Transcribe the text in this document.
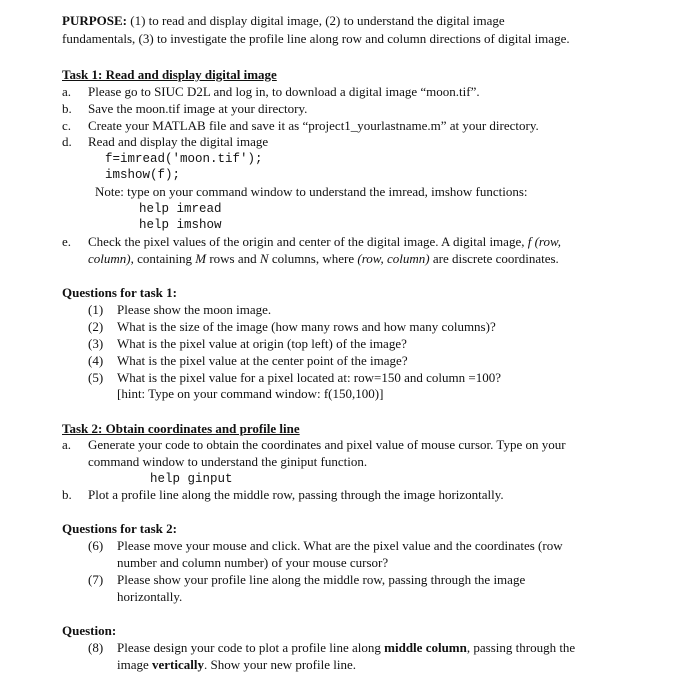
PURPOSE: (1) to read and display digital image, (2) to understand the digital image
fundamentals, (3) to investigate the profile line along row and column directions of digital image.
Task 1: Read and display digital image
a. Please go to SIUC D2L and log in, to download a digital image “moon.tif”.
b. Save the moon.tif image at your directory.
c. Create your MATLAB file and save it as “project1_yourlastname.m” at your directory.
d. Read and display the digital image
f=imread('moon.tif');
imshow(f);
Note: type on your command window to understand the imread, imshow functions:
help imread
help imshow
e. Check the pixel values of the origin and center of the digital image. A digital image, f (row,
column), containing M rows and N columns, where (row, column) are discrete coordinates.
Questions for task 1:
(1) Please show the moon image.
(2) What is the size of the image (how many rows and how many columns)?
(3) What is the pixel value at origin (top left) of the image?
(4) What is the pixel value at the center point of the image?
(5) What is the pixel value for a pixel located at: row=150 and column =100?
[hint: Type on your command window: f(150,100)]
Task 2: Obtain coordinates and profile line
a. Generate your code to obtain the coordinates and pixel value of mouse cursor. Type on your
command window to understand the giniput function.
help ginput
b. Plot a profile line along the middle row, passing through the image horizontally.
Questions for task 2:
(6) Please move your mouse and click. What are the pixel value and the coordinates (row
number and column number) of your mouse cursor?
(7) Please show your profile line along the middle row, passing through the image
horizontally.
Question:
(8) Please design your code to plot a profile line along middle column, passing through the
image vertically. Show your new profile line.
